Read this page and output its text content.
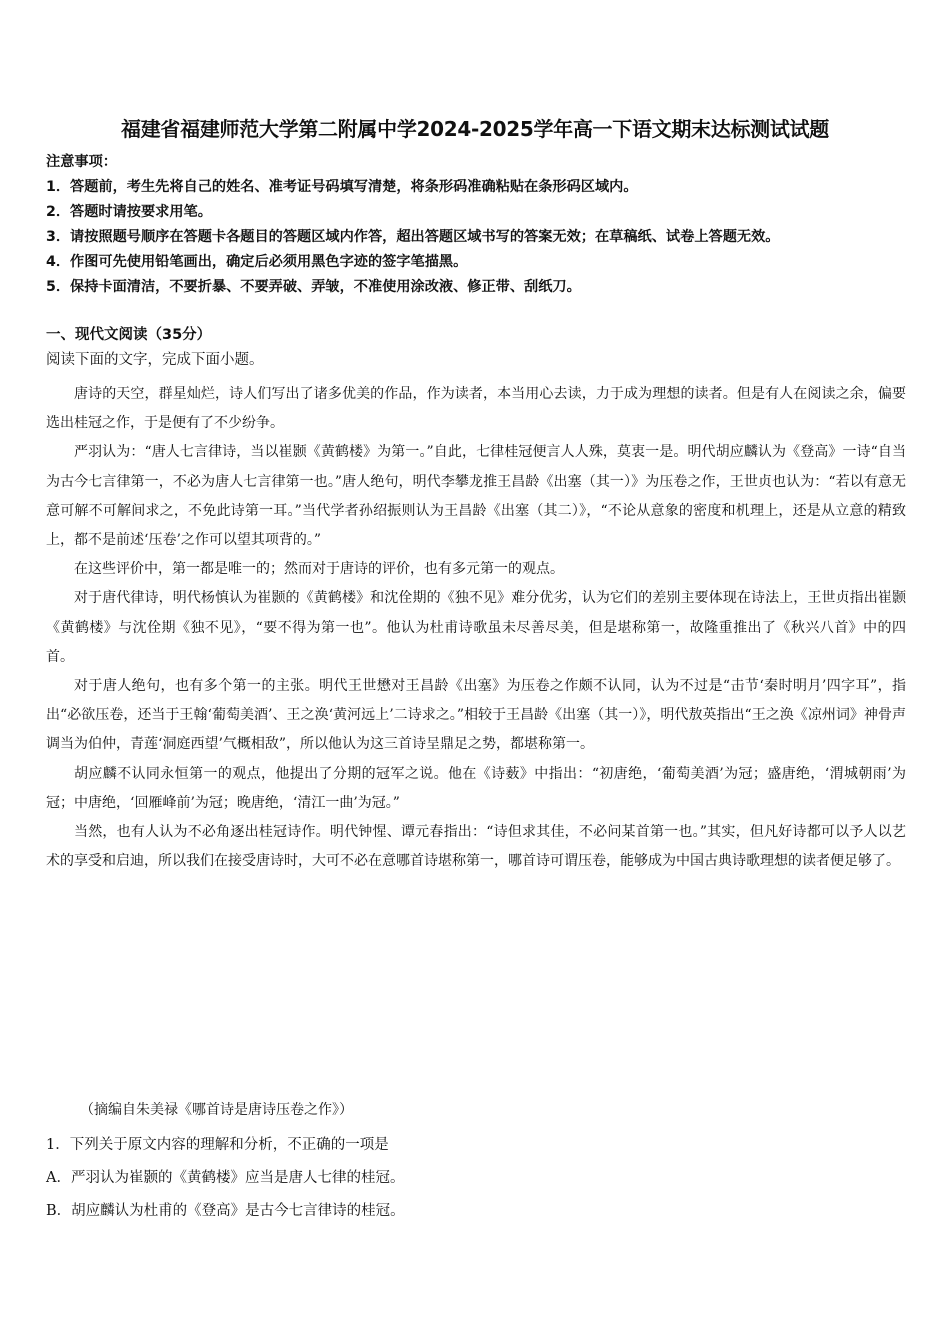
福建省福建师范大学第二附属中学2024-2025学年高一下语文期末达标测试试题
注意事项：
1．答题前，考生先将自己的姓名、准考证号码填写清楚，将条形码准确粘贴在条形码区域内。
2．答题时请按要求用笔。
3．请按照题号顺序在答题卡各题目的答题区域内作答，超出答题区域书写的答案无效；在草稿纸、试卷上答题无效。
4．作图可先使用铅笔画出，确定后必须用黑色字迹的签字笔描黑。
5．保持卡面清洁，不要折暴、不要弄破、弄皱，不准使用涂改液、修正带、刮纸刀。
一、现代文阅读（35分）
阅读下面的文字，完成下面小题。

唐诗的天空，群星灿烂，诗人们写出了诸多优美的作品，作为读者，本当用心去读，力于成为理想的读者。但是有人在阅读之余，偏要选出桂冠之作，于是便有了不少纷争。

严羽认为：“唐人七言律诗，当以崔颢《黄鹤楼》为第一。”自此，七律桂冠便言人人殊，莫衷一是。明代胡应麟认为《登高》一诗“自当为古今七言律第一，不必为唐人七言律第一也。”唐人绝句，明代李攀龙推王昌龄《出塞（其一）》为压卷之作，王世贞也认为：“若以有意无意可解不可解间求之，不免此诗第一耳。”当代学者孙绍振则认为王昌龄《出塞（其二）》，“不论从意象的密度和机理上，还是从立意的精致上，都不是前述‘压卷’之作可以望其项背的。”

在这些评价中，第一都是唯一的；然而对于唐诗的评价，也有多元第一的观点。

对于唐代律诗，明代杨慎认为崔颢的《黄鹤楼》和沈佺期的《独不见》难分优劣，认为它们的差别主要体现在诗法上，王世贞指出崔颢《黄鹤楼》与沈佺期《独不见》，“要不得为第一也”。他认为杜甫诗歌虽未尽善尽美，但是堪称第一，故隆重推出了《秋兴八首》中的四首。

对于唐人绝句，也有多个第一的主张。明代王世懋对王昌龄《出塞》为压卷之作颇不认同，认为不过是“击节‘秦时明月’四字耳”，指出“必欲压卷，还当于王翰‘葡萄美酒’、王之涣‘黄河远上’二诗求之。”相较于王昌龄《出塞（其一）》，明代敖英指出“王之涣《凉州词》神骨声调当为伯仲，青莲‘洞庭西望’气概相敌”，所以他认为这三首诗呈鼎足之势，都堪称第一。

胡应麟不认同永恒第一的观点，他提出了分期的冠军之说。他在《诗薮》中指出：“初唐绝，‘葡萄美酒’为冠；盛唐绝，‘渭城朝雨’为冠；中唐绝，‘回雁峰前’为冠；晚唐绝，‘清江一曲’为冠。”

当然，也有人认为不必角逐出桂冠诗作。明代钟惺、谭元春指出：“诗但求其佳，不必问某首第一也。”其实，但凡好诗都可以予人以艺术的享受和启迪，所以我们在接受唐诗时，大可不必在意哪首诗堪称第一，哪首诗可谓压卷，能够成为中国古典诗歌理想的读者便足够了。

（摘编自朱美禄《哪首诗是唐诗压卷之作》）
1．下列关于原文内容的理解和分析，不正确的一项是
A．严羽认为崔颢的《黄鹤楼》应当是唐人七律的桂冠。
B．胡应麟认为杜甫的《登高》是古今七言律诗的桂冠。
